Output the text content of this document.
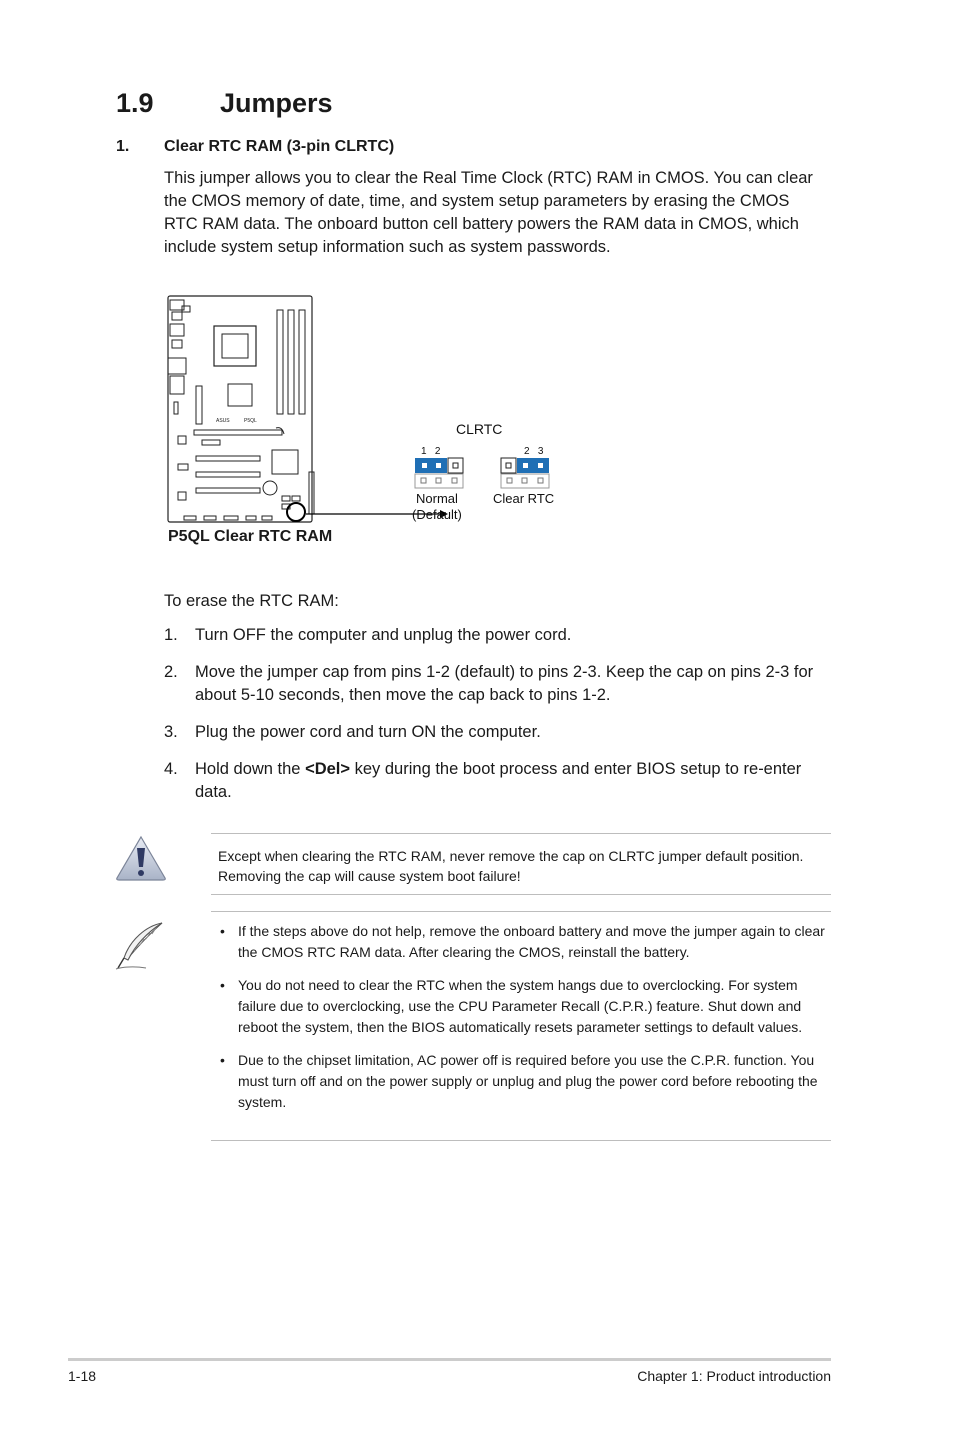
1.9 Jumpers
1. Clear RTC RAM (3-pin CLRTC)

This jumper allows you to clear the Real Time Clock (RTC) RAM in CMOS. You can clear the CMOS memory of date, time, and system setup parameters by erasing the CMOS RTC RAM data. The onboard button cell battery powers the RAM data in CMOS, which include system setup information such as system passwords.

ASUS	P5QL	CLRTC
1   2
Normal
(Default)
2   3
Clear RTC
P5QL Clear RTC RAM
To erase the RTC RAM:
1. Turn OFF the computer and unplug the power cord.
2. Move the jumper cap from pins 1-2 (default) to pins 2-3. Keep the cap on pins 2-3 for about 5-10 seconds, then move the cap back to pins 1-2.
3. Plug the power cord and turn ON the computer.
4. Hold down the <Del> key during the boot process and enter BIOS setup to re-enter data.

Except when clearing the RTC RAM, never remove the cap on CLRTC jumper default position. Removing the cap will cause system boot failure!

• If the steps above do not help, remove the onboard battery and move the jumper again to clear the CMOS RTC RAM data. After clearing the CMOS, reinstall the battery.
• You do not need to clear the RTC when the system hangs due to overclocking. For system failure due to overclocking, use the CPU Parameter Recall (C.P.R.) feature. Shut down and reboot the system, then the BIOS automatically resets parameter settings to default values.
• Due to the chipset limitation, AC power off is required before you use the C.P.R. function. You must turn off and on the power supply or unplug and plug the power cord before rebooting the system.
1-18	Chapter 1: Product introduction
